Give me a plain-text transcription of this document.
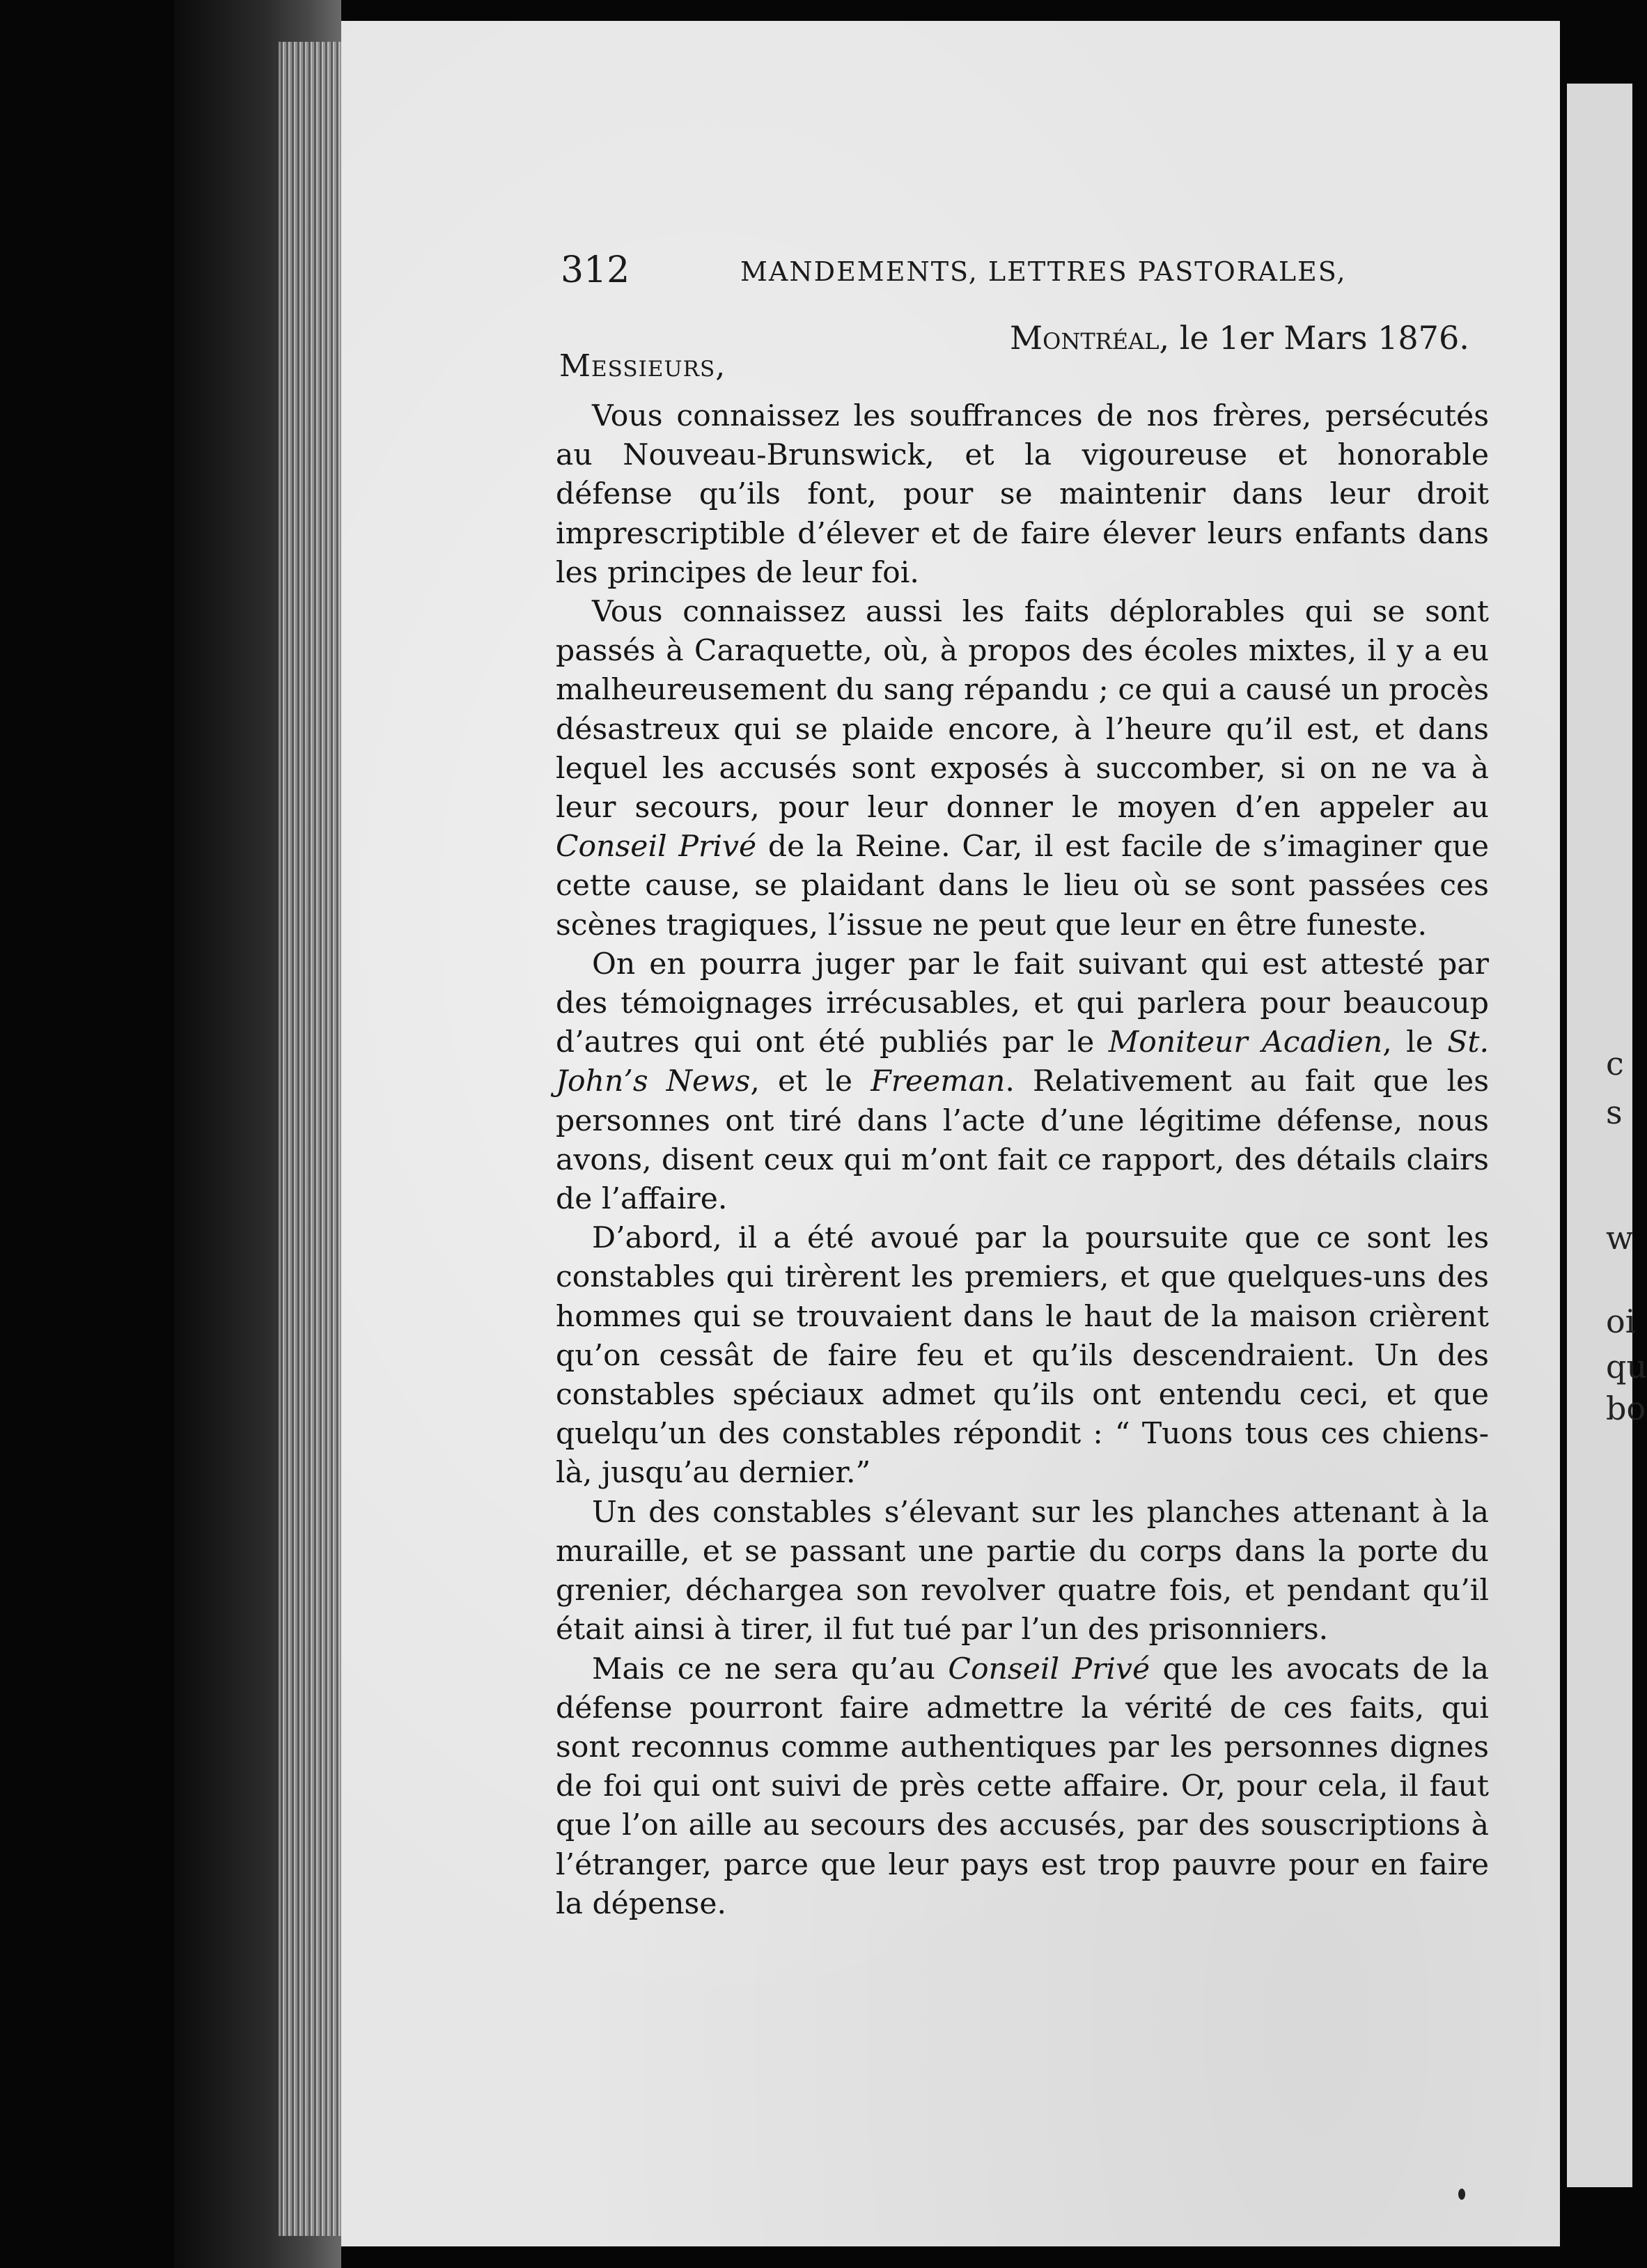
c
s
w
oi
qu
bo
312	MANDEMENTS, LETTRES PASTORALES,
Montréal, le 1er Mars 1876.
Messieurs,

Vous connaissez les souffrances de nos frères, persécutés au Nouveau-Brunswick, et la vigoureuse et honorable défense qu’ils font, pour se maintenir dans leur droit imprescriptible d’élever et de faire élever leurs enfants dans les principes de leur foi.

Vous connaissez aussi les faits déplorables qui se sont passés à Caraquette, où, à propos des écoles mixtes, il y a eu malheureusement du sang répandu ; ce qui a causé un procès désastreux qui se plaide encore, à l’heure qu’il est, et dans lequel les accusés sont exposés à succomber, si on ne va à leur secours, pour leur donner le moyen d’en appeler au Conseil Privé de la Reine. Car, il est facile de s’imaginer que cette cause, se plaidant dans le lieu où se sont passées ces scènes tragiques, l’issue ne peut que leur en être funeste.

On en pourra juger par le fait suivant qui est attesté par des témoignages irrécusables, et qui parlera pour beaucoup d’autres qui ont été publiés par le Moniteur Acadien, le St. John’s News, et le Freeman. Relativement au fait que les personnes ont tiré dans l’acte d’une légitime défense, nous avons, disent ceux qui m’ont fait ce rapport, des détails clairs de l’affaire.

D’abord, il a été avoué par la poursuite que ce sont les constables qui tirèrent les premiers, et que quelques-uns des hommes qui se trouvaient dans le haut de la maison crièrent qu’on cessât de faire feu et qu’ils descendraient. Un des constables spéciaux admet qu’ils ont entendu ceci, et que quelqu’un des constables répondit : “ Tuons tous ces chiens-là, jusqu’au dernier.”

Un des constables s’élevant sur les planches attenant à la muraille, et se passant une partie du corps dans la porte du grenier, déchargea son revolver quatre fois, et pendant qu’il était ainsi à tirer, il fut tué par l’un des prisonniers.

Mais ce ne sera qu’au Conseil Privé que les avocats de la défense pourront faire admettre la vérité de ces faits, qui sont reconnus comme authentiques par les personnes dignes de foi qui ont suivi de près cette affaire. Or, pour cela, il faut que l’on aille au secours des accusés, par des souscriptions à l’étranger, parce que leur pays est trop pauvre pour en faire la dépense.
